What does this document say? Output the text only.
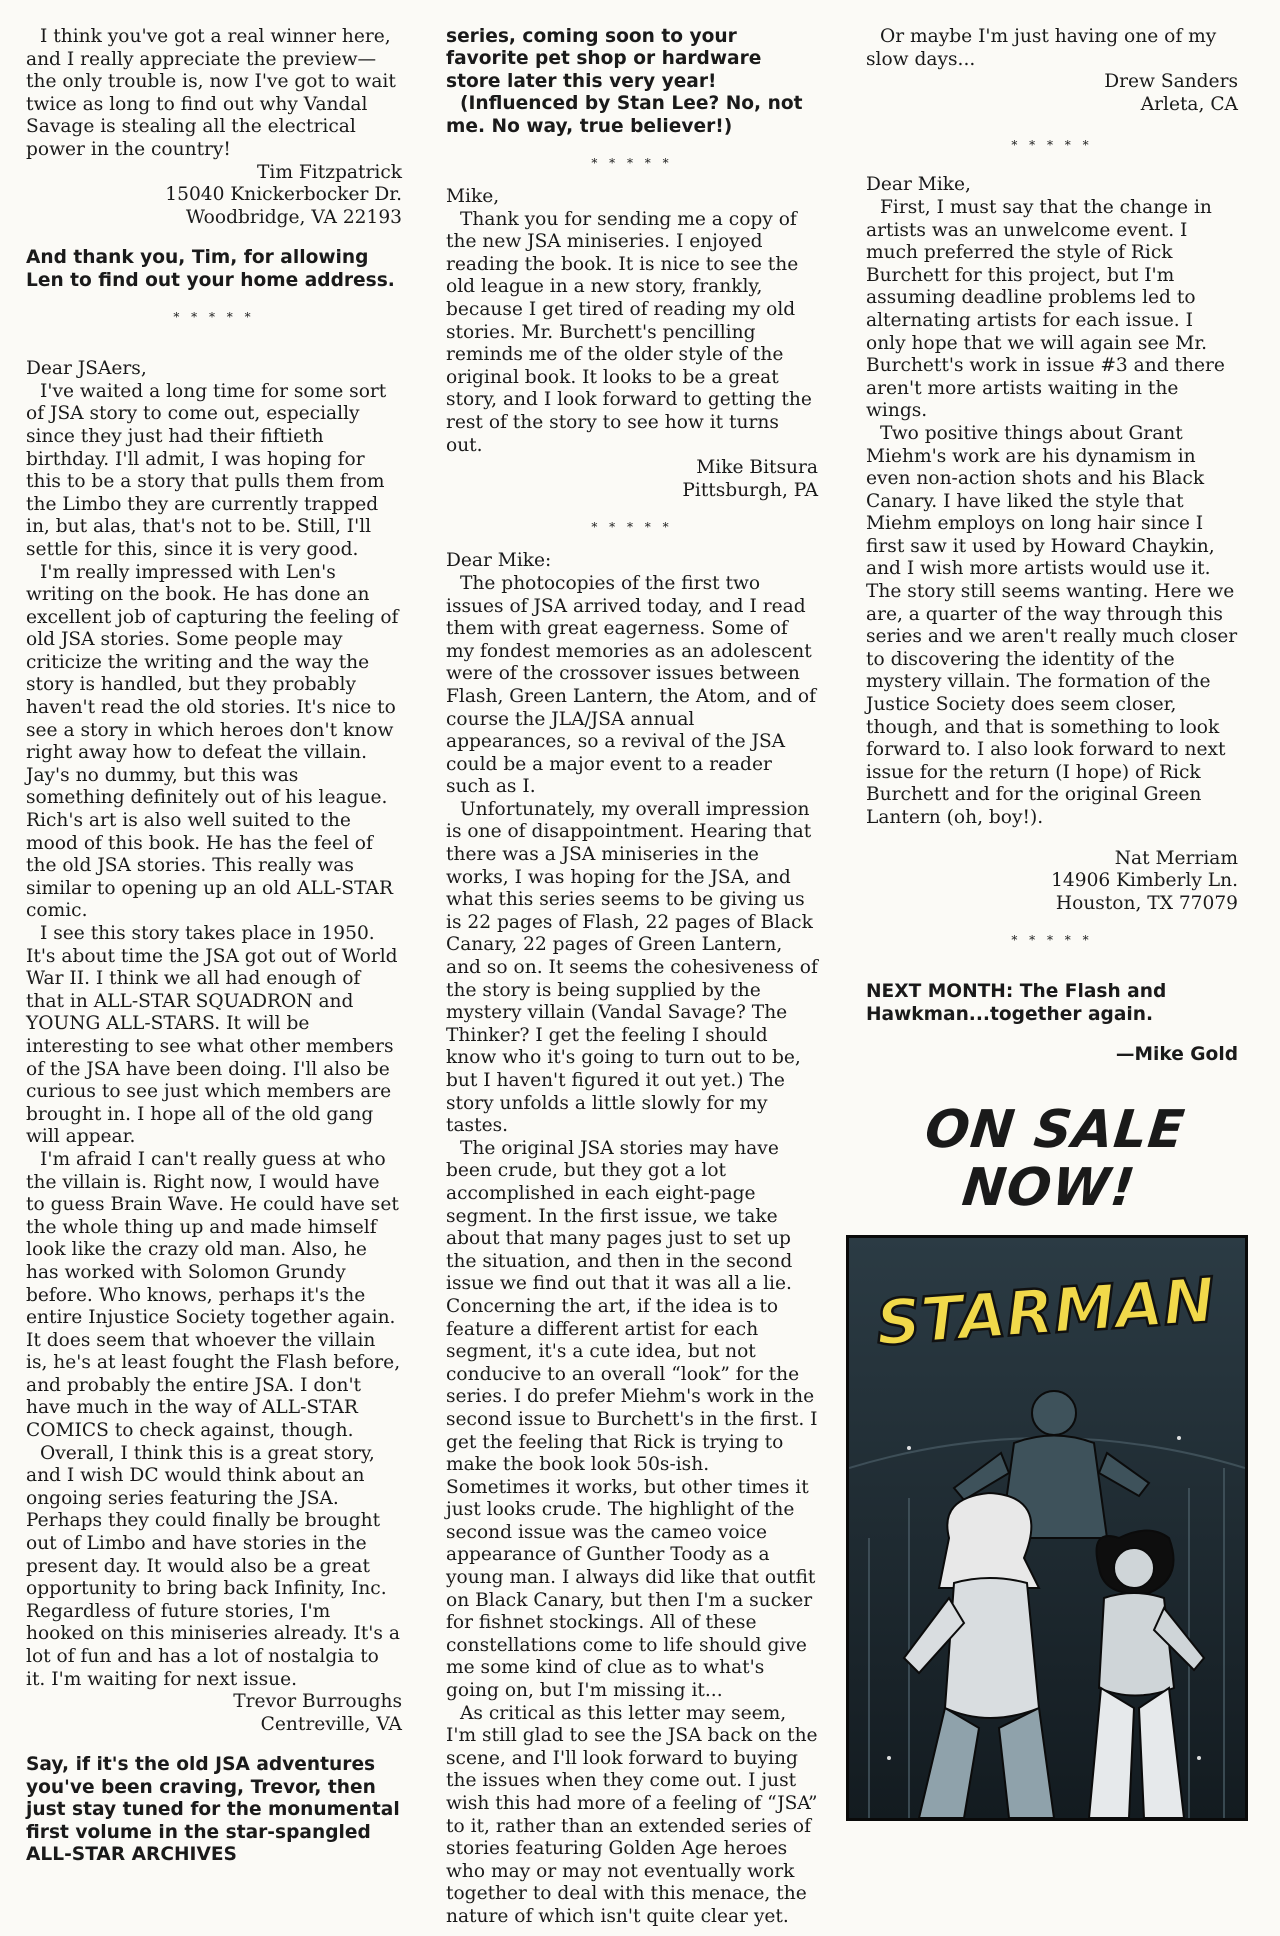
I think you've got a real winner here, and I really appreciate the preview—the only trouble is, now I've got to wait twice as long to find out why Vandal Savage is stealing all the electrical power in the country!

Tim Fitzpatrick

15040 Knickerbocker Dr.

Woodbridge, VA 22193

And thank you, Tim, for allowing Len to find out your home address.

* * * * *

Dear JSAers,

I've waited a long time for some sort of JSA story to come out, especially since they just had their fiftieth birthday. I'll admit, I was hoping for this to be a story that pulls them from the Limbo they are currently trapped in, but alas, that's not to be. Still, I'll settle for this, since it is very good.

I'm really impressed with Len's writing on the book. He has done an excellent job of capturing the feeling of old JSA stories. Some people may criticize the writing and the way the story is handled, but they probably haven't read the old stories. It's nice to see a story in which heroes don't know right away how to defeat the villain. Jay's no dummy, but this was something definitely out of his league. Rich's art is also well suited to the mood of this book. He has the feel of the old JSA stories. This really was similar to opening up an old ALL-STAR comic.

I see this story takes place in 1950. It's about time the JSA got out of World War II. I think we all had enough of that in ALL-STAR SQUADRON and YOUNG ALL-STARS. It will be interesting to see what other members of the JSA have been doing. I'll also be curious to see just which members are brought in. I hope all of the old gang will appear.

I'm afraid I can't really guess at who the villain is. Right now, I would have to guess Brain Wave. He could have set the whole thing up and made himself look like the crazy old man. Also, he has worked with Solomon Grundy before. Who knows, perhaps it's the entire Injustice Society together again. It does seem that whoever the villain is, he's at least fought the Flash before, and probably the entire JSA. I don't have much in the way of ALL-STAR COMICS to check against, though.

Overall, I think this is a great story, and I wish DC would think about an ongoing series featuring the JSA. Perhaps they could finally be brought out of Limbo and have stories in the present day. It would also be a great opportunity to bring back Infinity, Inc. Regardless of future stories, I'm hooked on this miniseries already. It's a lot of fun and has a lot of nostalgia to it. I'm waiting for next issue.

Trevor Burroughs

Centreville, VA

Say, if it's the old JSA adventures you've been craving, Trevor, then just stay tuned for the monumental first volume in the star-spangled ALL-STAR ARCHIVES

series, coming soon to your favorite pet shop or hardware store later this very year!

(Influenced by Stan Lee? No, not me. No way, true believer!)

* * * * *

Mike,

Thank you for sending me a copy of the new JSA miniseries. I enjoyed reading the book. It is nice to see the old league in a new story, frankly, because I get tired of reading my old stories. Mr. Burchett's pencilling reminds me of the older style of the original book. It looks to be a great story, and I look forward to getting the rest of the story to see how it turns out.

Mike Bitsura

Pittsburgh, PA

* * * * *

Dear Mike:

The photocopies of the first two issues of JSA arrived today, and I read them with great eagerness. Some of my fondest memories as an adolescent were of the crossover issues between Flash, Green Lantern, the Atom, and of course the JLA/JSA annual appearances, so a revival of the JSA could be a major event to a reader such as I.

Unfortunately, my overall impression is one of disappointment. Hearing that there was a JSA miniseries in the works, I was hoping for the JSA, and what this series seems to be giving us is 22 pages of Flash, 22 pages of Black Canary, 22 pages of Green Lantern, and so on. It seems the cohesiveness of the story is being supplied by the mystery villain (Vandal Savage? The Thinker? I get the feeling I should know who it's going to turn out to be, but I haven't figured it out yet.) The story unfolds a little slowly for my tastes.

The original JSA stories may have been crude, but they got a lot accomplished in each eight-page segment. In the first issue, we take about that many pages just to set up the situation, and then in the second issue we find out that it was all a lie. Concerning the art, if the idea is to feature a different artist for each segment, it's a cute idea, but not conducive to an overall “look” for the series. I do prefer Miehm's work in the second issue to Burchett's in the first. I get the feeling that Rick is trying to make the book look 50s-ish. Sometimes it works, but other times it just looks crude. The highlight of the second issue was the cameo voice appearance of Gunther Toody as a young man. I always did like that outfit on Black Canary, but then I'm a sucker for fishnet stockings. All of these constellations come to life should give me some kind of clue as to what's going on, but I'm missing it...

As critical as this letter may seem, I'm still glad to see the JSA back on the scene, and I'll look forward to buying the issues when they come out. I just wish this had more of a feeling of “JSA” to it, rather than an extended series of stories featuring Golden Age heroes who may or may not eventually work together to deal with this menace, the nature of which isn't quite clear yet.

Or maybe I'm just having one of my slow days...

Drew Sanders

Arleta, CA

* * * * *

Dear Mike,

First, I must say that the change in artists was an unwelcome event. I much preferred the style of Rick Burchett for this project, but I'm assuming deadline problems led to alternating artists for each issue. I only hope that we will again see Mr. Burchett's work in issue #3 and there aren't more artists waiting in the wings.

Two positive things about Grant Miehm's work are his dynamism in even non-action shots and his Black Canary. I have liked the style that Miehm employs on long hair since I first saw it used by Howard Chaykin, and I wish more artists would use it. The story still seems wanting. Here we are, a quarter of the way through this series and we aren't really much closer to discovering the identity of the mystery villain. The formation of the Justice Society does seem closer, though, and that is something to look forward to. I also look forward to next issue for the return (I hope) of Rick Burchett and for the original Green Lantern (oh, boy!).

Nat Merriam

14906 Kimberly Ln.

Houston, TX 77079

* * * * *

NEXT MONTH: The Flash and Hawkman...together again.

—Mike Gold

ON SALE
NOW!
STARMAN
